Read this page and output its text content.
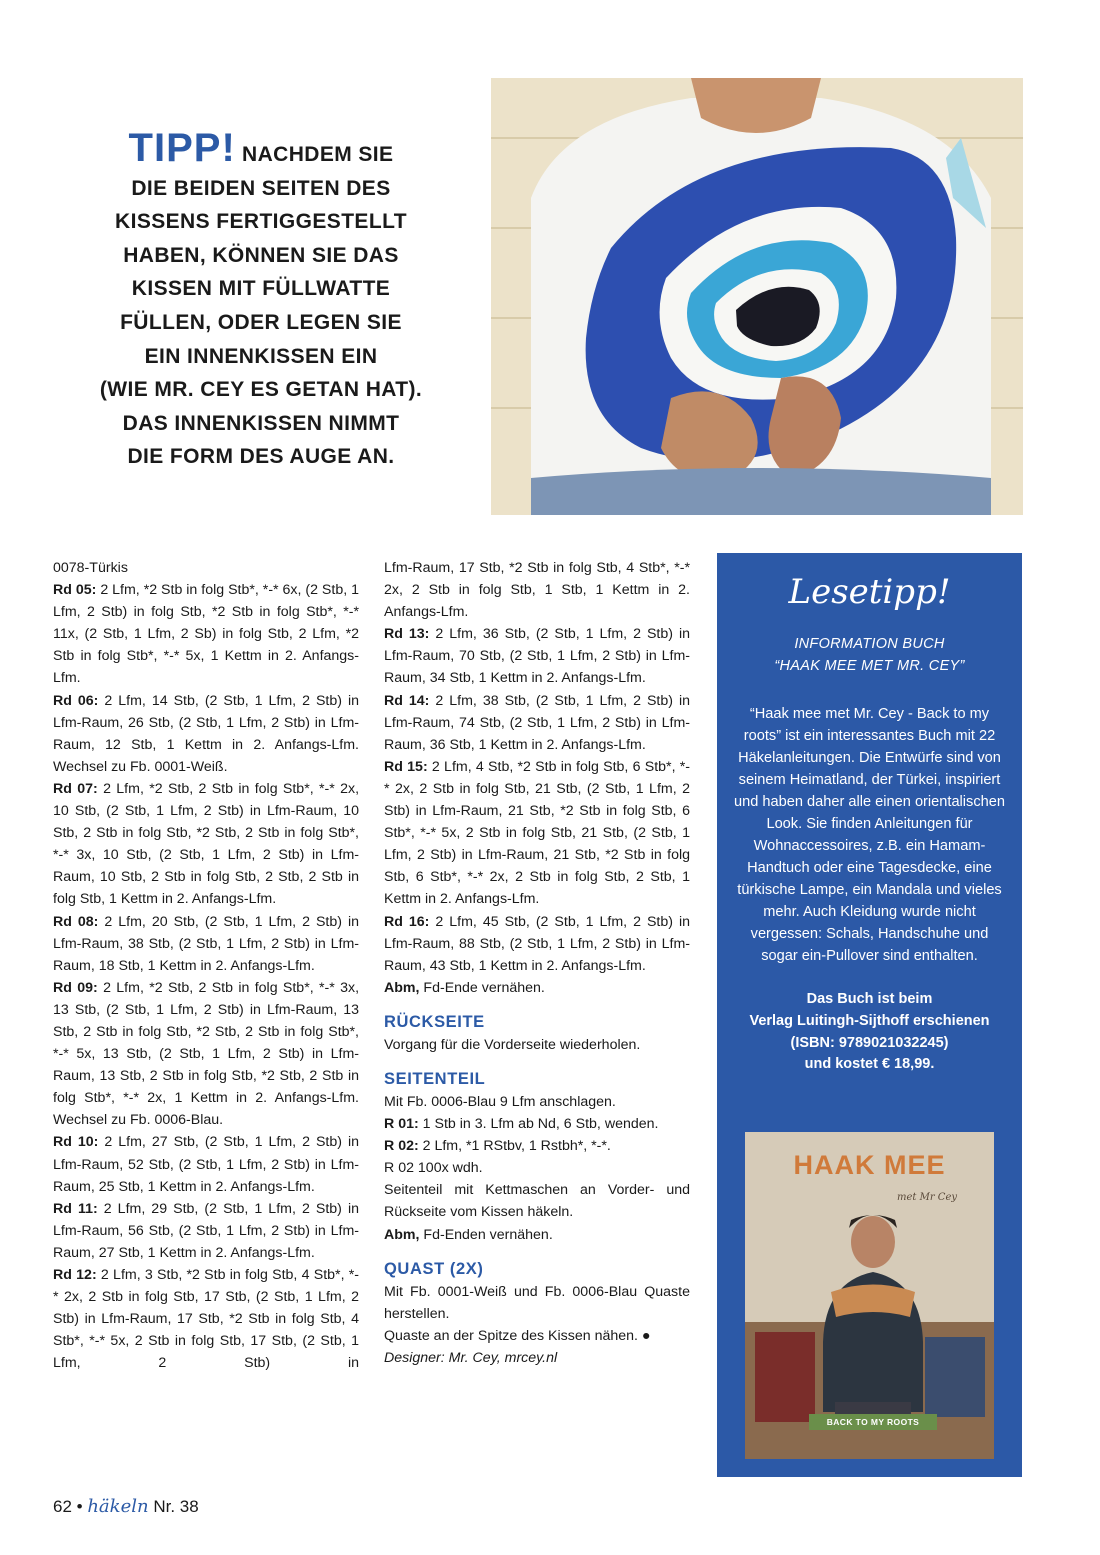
TIPP! NACHDEM SIE
DIE BEIDEN SEITEN DES
KISSENS FERTIGGESTELLT
HABEN, KÖNNEN SIE DAS
KISSEN MIT FÜLLWATTE
FÜLLEN, ODER LEGEN SIE
EIN INNENKISSEN EIN
(WIE MR. CEY ES GETAN HAT).
DAS INNENKISSEN NIMMT
DIE FORM DES AUGE AN.

0078-Türkis

Rd 05: 2 Lfm, *2 Stb in folg Stb*, *-* 6x, (2 Stb, 1 Lfm, 2 Stb) in folg Stb, *2 Stb in folg Stb*, *-* 11x, (2 Stb, 1 Lfm, 2 Sb) in folg Stb, 2 Lfm, *2 Stb in folg Stb*, *-* 5x, 1 Kettm in 2. Anfangs-Lfm.

Rd 06: 2 Lfm, 14 Stb, (2 Stb, 1 Lfm, 2 Stb) in Lfm-Raum, 26 Stb, (2 Stb, 1 Lfm, 2 Stb) in Lfm-Raum, 12 Stb, 1 Kettm in 2. Anfangs-Lfm. Wechsel zu Fb. 0001-Weiß.

Rd 07: 2 Lfm, *2 Stb, 2 Stb in folg Stb*, *-* 2x, 10 Stb, (2 Stb, 1 Lfm, 2 Stb) in Lfm-Raum, 10 Stb, 2 Stb in folg Stb, *2 Stb, 2 Stb in folg Stb*, *-* 3x, 10 Stb, (2 Stb, 1 Lfm, 2 Stb) in Lfm-Raum, 10 Stb, 2 Stb in folg Stb, 2 Stb, 2 Stb in folg Stb, 1 Kettm in 2. Anfangs-Lfm.

Rd 08: 2 Lfm, 20 Stb, (2 Stb, 1 Lfm, 2 Stb) in Lfm-Raum, 38 Stb, (2 Stb, 1 Lfm, 2 Stb) in Lfm-Raum, 18 Stb, 1 Kettm in 2. Anfangs-Lfm.

Rd 09: 2 Lfm, *2 Stb, 2 Stb in folg Stb*, *-* 3x, 13 Stb, (2 Stb, 1 Lfm, 2 Stb) in Lfm-Raum, 13 Stb, 2 Stb in folg Stb, *2 Stb, 2 Stb in folg Stb*, *-* 5x, 13 Stb, (2 Stb, 1 Lfm, 2 Stb) in Lfm-Raum, 13 Stb, 2 Stb in folg Stb, *2 Stb, 2 Stb in folg Stb*, *-* 2x, 1 Kettm in 2. Anfangs-Lfm. Wechsel zu Fb. 0006-Blau.

Rd 10: 2 Lfm, 27 Stb, (2 Stb, 1 Lfm, 2 Stb) in Lfm-Raum, 52 Stb, (2 Stb, 1 Lfm, 2 Stb) in Lfm-Raum, 25 Stb, 1 Kettm in 2. Anfangs-Lfm.

Rd 11: 2 Lfm, 29 Stb, (2 Stb, 1 Lfm, 2 Stb) in Lfm-Raum, 56 Stb, (2 Stb, 1 Lfm, 2 Stb) in Lfm-Raum, 27 Stb, 1 Kettm in 2. Anfangs-Lfm.

Rd 12: 2 Lfm, 3 Stb, *2 Stb in folg Stb, 4 Stb*, *-* 2x, 2 Stb in folg Stb, 17 Stb, (2 Stb, 1 Lfm, 2 Stb) in Lfm-Raum, 17 Stb, *2 Stb in folg Stb, 4 Stb*, *-* 5x, 2 Stb in folg Stb, 17 Stb, (2 Stb, 1 Lfm, 2 Stb) in

Lfm-Raum, 17 Stb, *2 Stb in folg Stb, 4 Stb*, *-* 2x, 2 Stb in folg Stb, 1 Stb, 1 Kettm in 2. Anfangs-Lfm.

Rd 13: 2 Lfm, 36 Stb, (2 Stb, 1 Lfm, 2 Stb) in Lfm-Raum, 70 Stb, (2 Stb, 1 Lfm, 2 Stb) in Lfm-Raum, 34 Stb, 1 Kettm in 2. Anfangs-Lfm.

Rd 14: 2 Lfm, 38 Stb, (2 Stb, 1 Lfm, 2 Stb) in Lfm-Raum, 74 Stb, (2 Stb, 1 Lfm, 2 Stb) in Lfm-Raum, 36 Stb, 1 Kettm in 2. Anfangs-Lfm.

Rd 15: 2 Lfm, 4 Stb, *2 Stb in folg Stb, 6 Stb*, *-* 2x, 2 Stb in folg Stb, 21 Stb, (2 Stb, 1 Lfm, 2 Stb) in Lfm-Raum, 21 Stb, *2 Stb in folg Stb, 6 Stb*, *-* 5x, 2 Stb in folg Stb, 21 Stb, (2 Stb, 1 Lfm, 2 Stb) in Lfm-Raum, 21 Stb, *2 Stb in folg Stb, 6 Stb*, *-* 2x, 2 Stb in folg Stb, 2 Stb, 1 Kettm in 2. Anfangs-Lfm.

Rd 16: 2 Lfm, 45 Stb, (2 Stb, 1 Lfm, 2 Stb) in Lfm-Raum, 88 Stb, (2 Stb, 1 Lfm, 2 Stb) in Lfm-Raum, 43 Stb, 1 Kettm in 2. Anfangs-Lfm.

Abm, Fd-Ende vernähen.

RÜCKSEITE

Vorgang für die Vorderseite wiederholen.

SEITENTEIL

Mit Fb. 0006-Blau 9 Lfm anschlagen.

R 01: 1 Stb in 3. Lfm ab Nd, 6 Stb, wenden.

R 02: 2 Lfm, *1 RStbv, 1 Rstbh*, *-*.

R 02 100x wdh.

Seitenteil mit Kettmaschen an Vorder- und Rückseite vom Kissen häkeln.

Abm, Fd-Enden vernähen.

QUAST (2X)

Mit Fb. 0001-Weiß und Fb. 0006-Blau Quaste herstellen.

Quaste an der Spitze des Kissen nähen. ●

Designer: Mr. Cey, mrcey.nl

Lesetipp!
INFORMATION BUCH
“HAAK MEE MET MR. CEY”
“Haak mee met Mr. Cey - Back to my roots” ist ein interessantes Buch mit 22 Häkelanleitungen. Die Entwürfe sind von seinem Heimatland, der Türkei, inspiriert und haben daher alle einen orientalischen Look. Sie finden Anleitungen für Wohnaccessoires, z.B. ein Hamam-Handtuch oder eine Tagesdecke, eine türkische Lampe, ein Mandala und vieles mehr. Auch Kleidung wurde nicht vergessen: Schals, Handschuhe und sogar ein-Pullover sind enthalten.
Das Buch ist beim
Verlag Luitingh-Sijthoff erschienen
(ISBN: 9789021032245)
und kostet € 18,99.
HAAK MEE
met Mr Cey
BACK TO MY ROOTS
62 • häkeln Nr. 38
